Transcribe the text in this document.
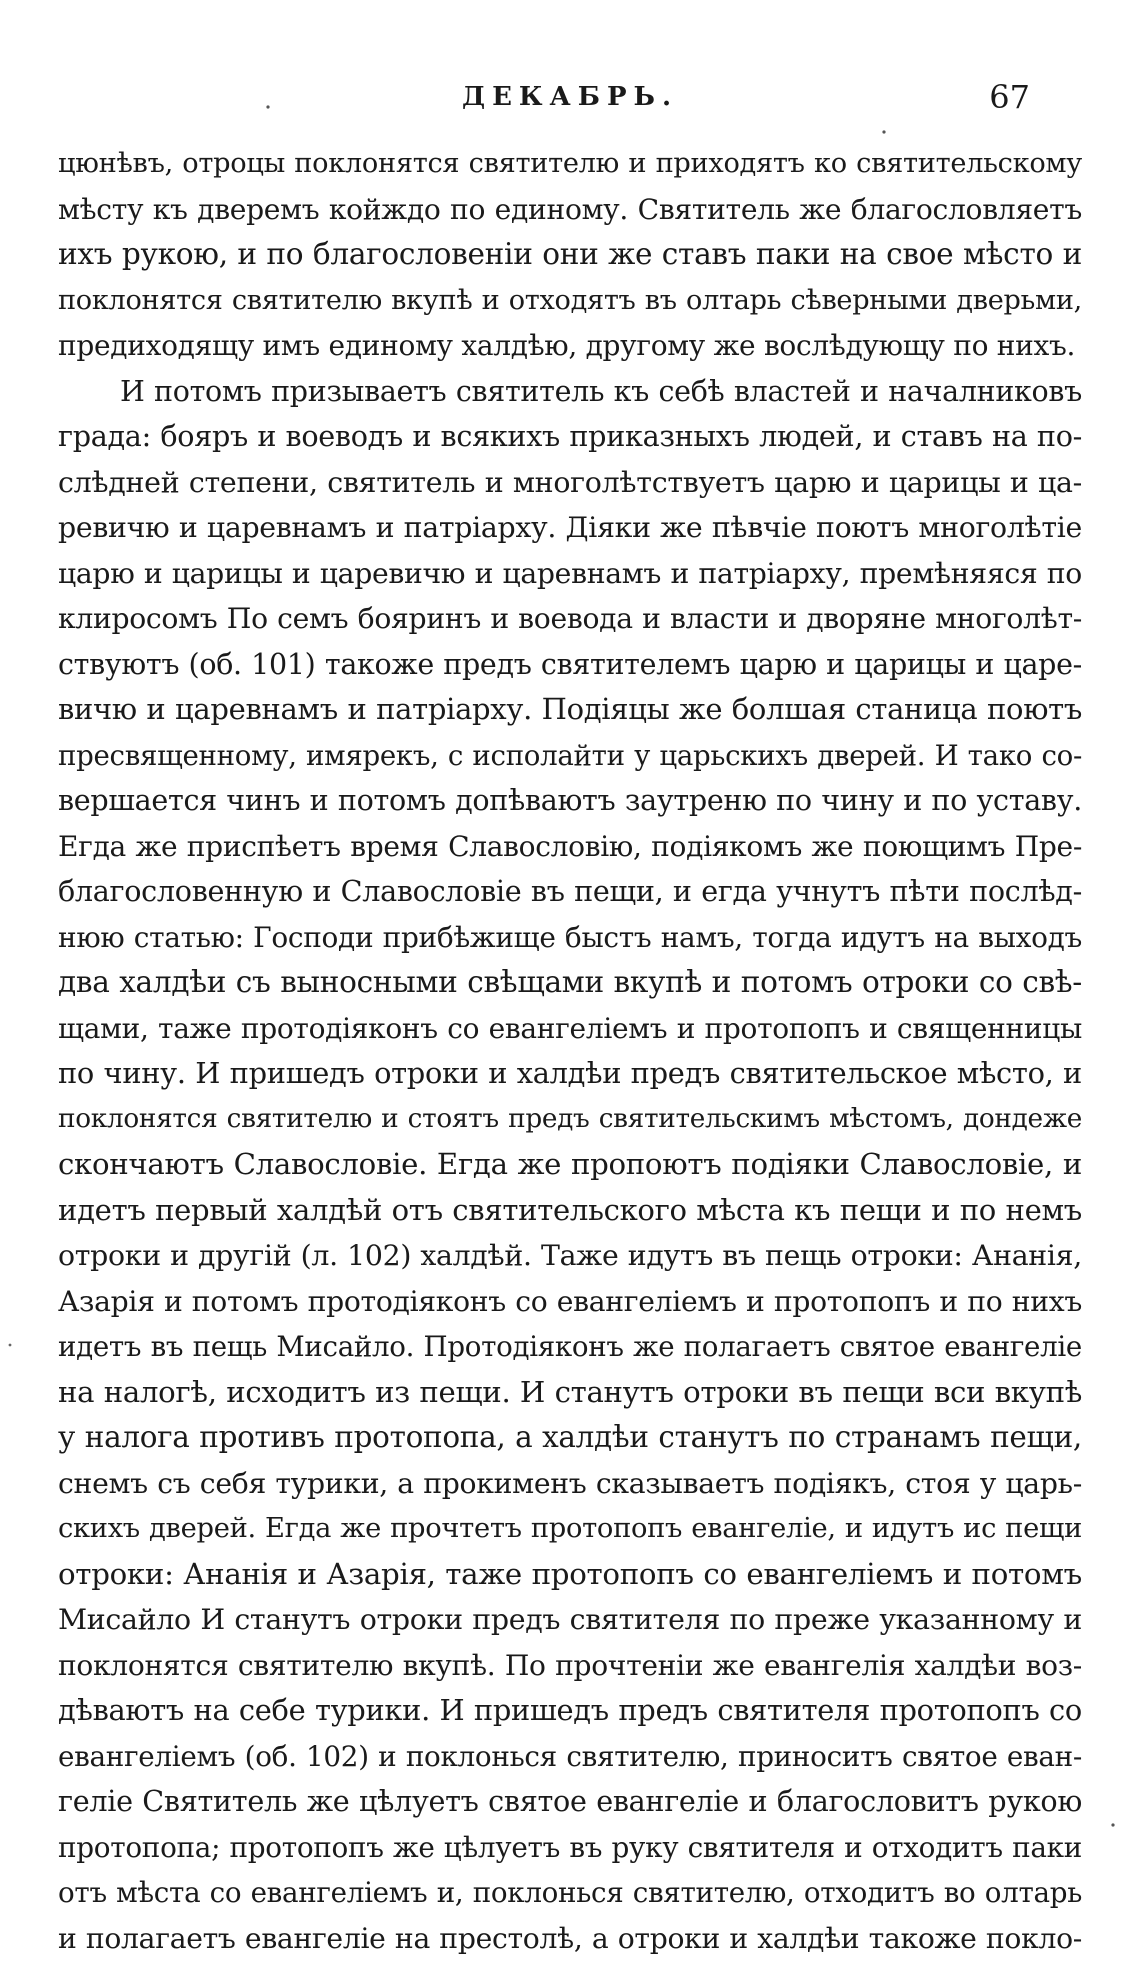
ДЕКАБРЬ.	67
цюнѣвъ, отроцы поклонятся святителю и приходятъ ко святительскому
мѣсту къ дверемъ койждо по единому. Святитель же благословляетъ
ихъ рукою, и по благословеніи они же ставъ паки на свое мѣсто и
поклонятся святителю вкупѣ и отходятъ въ олтарь сѣверными дверьми,
предиходящу имъ единому халдѣю, другому же вослѣдующу по нихъ.
И потомъ призываетъ святитель къ себѣ властей и началниковъ
града: бояръ и воеводъ и всякихъ приказныхъ людей, и ставъ на по-
слѣдней степени, святитель и многолѣтствуетъ царю и царицы и ца-
ревичю и царевнамъ и патріарху. Діяки же пѣвчіе поютъ многолѣтіе
царю и царицы и царевичю и царевнамъ и патріарху, премѣняяся по
клиросомъ По семъ бояринъ и воевода и власти и дворяне многолѣт-
ствуютъ (об. 101) такоже предъ святителемъ царю и царицы и царе-
вичю и царевнамъ и патріарху. Подіяцы же болшая станица поютъ
пресвященному, имярекъ, с исполайти у царьскихъ дверей. И тако со-
вершается чинъ и потомъ допѣваютъ заутреню по чину и по уставу.
Егда же приспѣетъ время Славословію, подіякомъ же поющимъ Пре-
благословенную и Славословіе въ пещи, и егда учнутъ пѣти послѣд-
нюю статью: Господи прибѣжище быстъ намъ, тогда идутъ на выходъ
два халдѣи съ выносными свѣщами вкупѣ и потомъ отроки со свѣ-
щами, таже протодіяконъ со евангеліемъ и протопопъ и священницы
по чину. И пришедъ отроки и халдѣи предъ святительское мѣсто, и
поклонятся святителю и стоятъ предъ святительскимъ мѣстомъ, дондеже
скончаютъ Славословіе. Егда же пропоютъ подіяки Славословіе, и
идетъ первый халдѣй отъ святительского мѣста къ пещи и по немъ
отроки и другій (л. 102) халдѣй. Таже идутъ въ пещь отроки: Ананія,
Азарія и потомъ протодіяконъ со евангеліемъ и протопопъ и по нихъ
идетъ въ пещь Мисайло. Протодіяконъ же полагаетъ святое евангеліе
на налогѣ, исходитъ из пещи. И станутъ отроки въ пещи вси вкупѣ
у налога противъ протопопа, а халдѣи станутъ по странамъ пещи,
снемъ съ себя турики, а прокименъ сказываетъ подіякъ, стоя у царь-
скихъ дверей. Егда же прочтетъ протопопъ евангеліе, и идутъ ис пещи
отроки: Ананія и Азарія, таже протопопъ со евангеліемъ и потомъ
Мисайло И станутъ отроки предъ святителя по преже указанному и
поклонятся святителю вкупѣ. По прочтеніи же евангелія халдѣи воз-
дѣваютъ на себе турики. И пришедъ предъ святителя протопопъ со
евангеліемъ (об. 102) и поклонься святителю, приноситъ святое еван-
геліе Святитель же цѣлуетъ святое евангеліе и благословитъ рукою
протопопа; протопопъ же цѣлуетъ въ руку святителя и отходитъ паки
отъ мѣста со евангеліемъ и, поклонься святителю, отходитъ во олтарь
и полагаетъ евангеліе на престолѣ, а отроки и халдѣи такоже покло-
